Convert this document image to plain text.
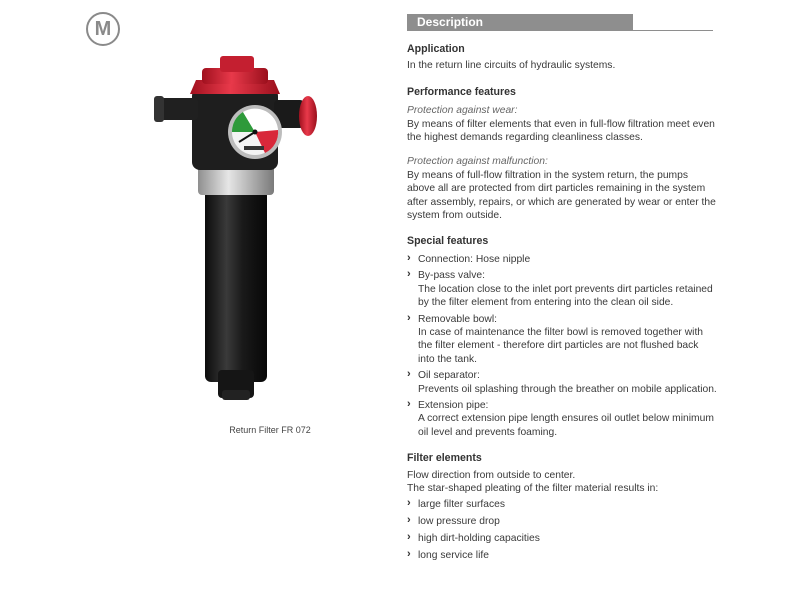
M
Return Filter FR 072
Description
Application

In the return line circuits of hydraulic systems.

Performance features

Protection against wear:

By means of filter elements that even in full-flow filtration meet even the highest demands regarding cleanliness classes.

Protection against malfunction:

By means of full-flow filtration in the system return, the pumps above all are protected from dirt particles remaining in the system after assembly, repairs, or which are generated by wear or enter the system from outside.

Special features
› Connection: Hose nipple
› By-pass valve:
The location close to the inlet port prevents dirt particles retained by the filter element from entering into the clean oil side.
› Removable bowl:
In case of maintenance the filter bowl is removed together with the filter element - therefore dirt particles are not flushed back into the tank.
› Oil separator:
Prevents oil splashing through the breather on mobile application.
› Extension pipe:
A correct extension pipe length ensures oil outlet below minimum oil level and prevents foaming.
Filter elements

Flow direction from outside to center.

The star-shaped pleating of the filter material results in:

› large filter surfaces
› low pressure drop
› high dirt-holding capacities
› long service life
